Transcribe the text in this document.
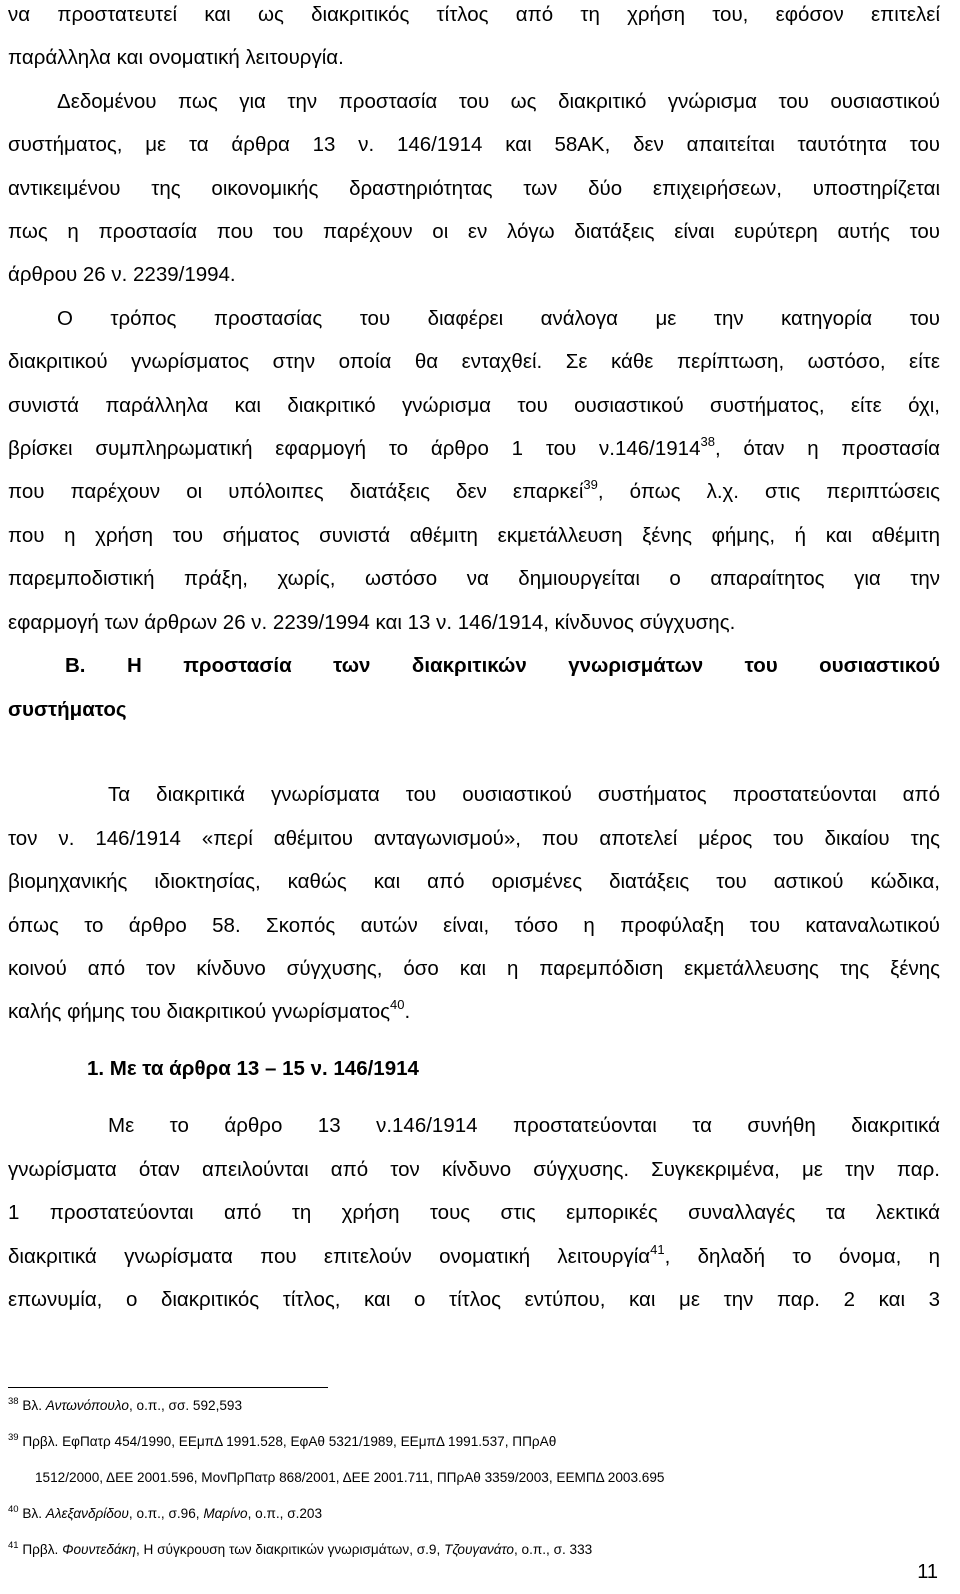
να προστατευτεί και ως διακριτικός τίτλος από τη χρήση του, εφόσον επιτελεί
παράλληλα και ονοματική λειτουργία.
Δεδομένου πως για την προστασία του ως διακριτικό γνώρισμα του ουσιαστικού
συστήματος, με τα άρθρα 13 ν. 146/1914 και 58ΑΚ, δεν απαιτείται ταυτότητα του
αντικειμένου της οικονομικής δραστηριότητας των δύο επιχειρήσεων, υποστηρίζεται
πως η προστασία που του παρέχουν οι εν λόγω διατάξεις είναι ευρύτερη αυτής του
άρθρου 26 ν. 2239/1994.
Ο τρόπος προστασίας του διαφέρει ανάλογα με την κατηγορία του
διακριτικού γνωρίσματος στην οποία θα ενταχθεί. Σε κάθε περίπτωση, ωστόσο, είτε
συνιστά παράλληλα και διακριτικό γνώρισμα του ουσιαστικού συστήματος, είτε όχι,
βρίσκει συμπληρωματική εφαρμογή το άρθρο 1 του ν.146/1914$^{38}$, όταν η προστασία
που παρέχουν οι υπόλοιπες διατάξεις δεν επαρκεί$^{39}$, όπως λ.χ. στις περιπτώσεις
που η χρήση του σήματος συνιστά αθέμιτη εκμετάλλευση ξένης φήμης, ή και αθέμιτη
παρεμποδιστική πράξη, χωρίς, ωστόσο να δημιουργείται ο απαραίτητος για την
εφαρμογή των άρθρων 26 ν. 2239/1994 και 13 ν. 146/1914, κίνδυνος σύγχυσης.
Β. Η προστασία των διακριτικών γνωρισμάτων του ουσιαστικού
συστήματος
Τα διακριτικά γνωρίσματα του ουσιαστικού συστήματος προστατεύονται από
τον ν. 146/1914 «περί αθέμιτου ανταγωνισμού», που αποτελεί μέρος του δικαίου της
βιομηχανικής ιδιοκτησίας, καθώς και από ορισμένες διατάξεις του αστικού κώδικα,
όπως το άρθρο 58. Σκοπός αυτών είναι, τόσο η προφύλαξη του καταναλωτικού
κοινού από τον κίνδυνο σύγχυσης, όσο και η παρεμπόδιση εκμετάλλευσης της ξένης
καλής φήμης του διακριτικού γνωρίσματος$^{40}$.
1. Με τα άρθρα 13 – 15 ν. 146/1914
Με το άρθρο 13 ν.146/1914 προστατεύονται τα συνήθη διακριτικά
γνωρίσματα όταν απειλούνται από τον κίνδυνο σύγχυσης. Συγκεκριμένα, με την παρ.
1 προστατεύονται από τη χρήση τους στις εμπορικές συναλλαγές τα λεκτικά
διακριτικά γνωρίσματα που επιτελούν ονοματική λειτουργία$^{41}$, δηλαδή το όνομα, η
επωνυμία, ο διακριτικός τίτλος, και ο τίτλος εντύπου, και με την παρ. 2 και 3
$^{38}$ Βλ. Αντωνόπουλο, ο.π., σσ. 592,593
$^{39}$ Πρβλ. ΕφΠατρ 454/1990, ΕΕμπΔ 1991.528, ΕφΑθ 5321/1989, ΕΕμπΔ 1991.537, ΠΠρΑθ
1512/2000, ΔΕΕ 2001.596, ΜονΠρΠατρ 868/2001, ΔΕΕ 2001.711, ΠΠρΑθ 3359/2003, ΕΕΜΠΔ 2003.695
$^{40}$ Βλ. Αλεξανδρίδου, ο.π., σ.96, Μαρίνο, ο.π., σ.203
$^{41}$ Πρβλ. Φουντεδάκη, Η σύγκρουση των διακριτικών γνωρισμάτων, σ.9, Τζουγανάτο, ο.π., σ. 333
11
